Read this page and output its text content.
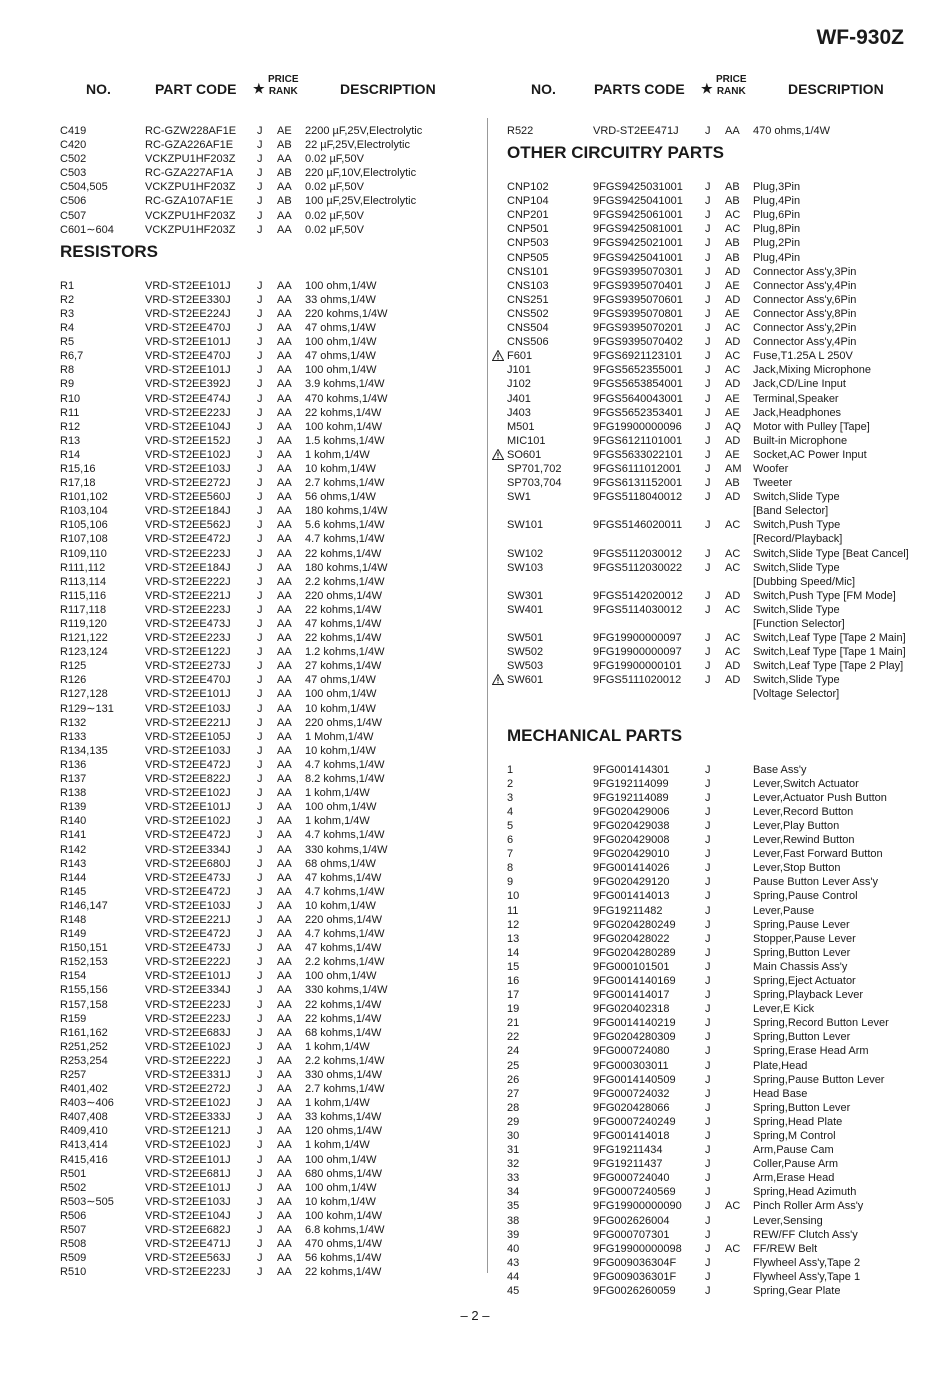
WF-930Z
NO.	PART CODE ★
PRICE
RANK	DESCRIPTION
C419	RC-GZW228AF1E J AE 2200 µF,25V,Electrolytic
C420	RC-GZA226AF1E J AB 22 µF,25V,Electrolytic
C502	VCKZPU1HF203Z J AA 0.02 µF,50V
C503	RC-GZA227AF1A J AB 220 µF,10V,Electrolytic
C504,505	VCKZPU1HF203Z J AA 0.02 µF,50V
C506	RC-GZA107AF1E J AB 100 µF,25V,Electrolytic
C507	VCKZPU1HF203Z J AA 0.02 µF,50V
C601∼604	VCKZPU1HF203Z J AA 0.02 µF,50V
RESISTORS
R1	VRD-ST2EE101J J AA 100 ohm,1/4W
R2	VRD-ST2EE330J J AA 33 ohms,1/4W
R3	VRD-ST2EE224J J AA 220 kohms,1/4W
R4	VRD-ST2EE470J J AA 47 ohms,1/4W
R5	VRD-ST2EE101J J AA 100 ohm,1/4W
R6,7	VRD-ST2EE470J J AA 47 ohms,1/4W
R8	VRD-ST2EE101J J AA 100 ohm,1/4W
R9	VRD-ST2EE392J J AA 3.9 kohms,1/4W
R10	VRD-ST2EE474J J AA 470 kohms,1/4W
R11	VRD-ST2EE223J J AA 22 kohms,1/4W
R12	VRD-ST2EE104J J AA 100 kohm,1/4W
R13	VRD-ST2EE152J J AA 1.5 kohms,1/4W
R14	VRD-ST2EE102J J AA 1 kohm,1/4W
R15,16	VRD-ST2EE103J J AA 10 kohm,1/4W
R17,18	VRD-ST2EE272J J AA 2.7 kohms,1/4W
R101,102	VRD-ST2EE560J J AA 56 ohms,1/4W
R103,104	VRD-ST2EE184J J AA 180 kohms,1/4W
R105,106	VRD-ST2EE562J J AA 5.6 kohms,1/4W
R107,108	VRD-ST2EE472J J AA 4.7 kohms,1/4W
R109,110	VRD-ST2EE223J J AA 22 kohms,1/4W
R111,112	VRD-ST2EE184J J AA 180 kohms,1/4W
R113,114	VRD-ST2EE222J J AA 2.2 kohms,1/4W
R115,116	VRD-ST2EE221J J AA 220 ohms,1/4W
R117,118	VRD-ST2EE223J J AA 22 kohms,1/4W
R119,120	VRD-ST2EE473J J AA 47 kohms,1/4W
R121,122	VRD-ST2EE223J J AA 22 kohms,1/4W
R123,124	VRD-ST2EE122J J AA 1.2 kohms,1/4W
R125	VRD-ST2EE273J J AA 27 kohms,1/4W
R126	VRD-ST2EE470J J AA 47 ohms,1/4W
R127,128	VRD-ST2EE101J J AA 100 ohm,1/4W
R129∼131	VRD-ST2EE103J J AA 10 kohm,1/4W
R132	VRD-ST2EE221J J AA 220 ohms,1/4W
R133	VRD-ST2EE105J J AA 1 Mohm,1/4W
R134,135	VRD-ST2EE103J J AA 10 kohm,1/4W
R136	VRD-ST2EE472J J AA 4.7 kohms,1/4W
R137	VRD-ST2EE822J J AA 8.2 kohms,1/4W
R138	VRD-ST2EE102J J AA 1 kohm,1/4W
R139	VRD-ST2EE101J J AA 100 ohm,1/4W
R140	VRD-ST2EE102J J AA 1 kohm,1/4W
R141	VRD-ST2EE472J J AA 4.7 kohms,1/4W
R142	VRD-ST2EE334J J AA 330 kohms,1/4W
R143	VRD-ST2EE680J J AA 68 ohms,1/4W
R144	VRD-ST2EE473J J AA 47 kohms,1/4W
R145	VRD-ST2EE472J J AA 4.7 kohms,1/4W
R146,147	VRD-ST2EE103J J AA 10 kohm,1/4W
R148	VRD-ST2EE221J J AA 220 ohms,1/4W
R149	VRD-ST2EE472J J AA 4.7 kohms,1/4W
R150,151	VRD-ST2EE473J J AA 47 kohms,1/4W
R152,153	VRD-ST2EE222J J AA 2.2 kohms,1/4W
R154	VRD-ST2EE101J J AA 100 ohm,1/4W
R155,156	VRD-ST2EE334J J AA 330 kohms,1/4W
R157,158	VRD-ST2EE223J J AA 22 kohms,1/4W
R159	VRD-ST2EE223J J AA 22 kohms,1/4W
R161,162	VRD-ST2EE683J J AA 68 kohms,1/4W
R251,252	VRD-ST2EE102J J AA 1 kohm,1/4W
R253,254	VRD-ST2EE222J J AA 2.2 kohms,1/4W
R257	VRD-ST2EE331J J AA 330 ohms,1/4W
R401,402	VRD-ST2EE272J J AA 2.7 kohms,1/4W
R403∼406	VRD-ST2EE102J J AA 1 kohm,1/4W
R407,408	VRD-ST2EE333J J AA 33 kohms,1/4W
R409,410	VRD-ST2EE121J J AA 120 ohms,1/4W
R413,414	VRD-ST2EE102J J AA 1 kohm,1/4W
R415,416	VRD-ST2EE101J J AA 100 ohm,1/4W
R501	VRD-ST2EE681J J AA 680 ohms,1/4W
R502	VRD-ST2EE101J J AA 100 ohm,1/4W
R503∼505	VRD-ST2EE103J J AA 10 kohm,1/4W
R506	VRD-ST2EE104J J AA 100 kohm,1/4W
R507	VRD-ST2EE682J J AA 6.8 kohms,1/4W
R508	VRD-ST2EE471J J AA 470 ohms,1/4W
R509	VRD-ST2EE563J J AA 56 kohms,1/4W
R510	VRD-ST2EE223J J AA 22 kohms,1/4W
NO.	PARTS CODE ★
PRICE
RANK	DESCRIPTION
R522	VRD-ST2EE471J J AA 470 ohms,1/4W
OTHER CIRCUITRY PARTS
CNP102	9FGS9425031001 J AB Plug,3Pin
CNP104	9FGS9425041001 J AB Plug,4Pin
CNP201	9FGS9425061001 J AC Plug,6Pin
CNP501	9FGS9425081001 J AC Plug,8Pin
CNP503	9FGS9425021001 J AB Plug,2Pin
CNP505	9FGS9425041001 J AB Plug,4Pin
CNS101	9FGS9395070301 J AD Connector Ass'y,3Pin
CNS103	9FGS9395070401 J AE Connector Ass'y,4Pin
CNS251	9FGS9395070601 J AD Connector Ass'y,6Pin
CNS502	9FGS9395070801 J AE Connector Ass'y,8Pin
CNS504	9FGS9395070201 J AC Connector Ass'y,2Pin
CNS506	9FGS9395070402 J AD Connector Ass'y,4Pin
F601	9FGS6921123101 J AC Fuse,T1.25A L 250V
J101	9FGS5652355001 J AC Jack,Mixing Microphone
J102	9FGS5653854001 J AD Jack,CD/Line Input
J401	9FGS5640043001 J AE Terminal,Speaker
J403	9FGS5652353401 J AE Jack,Headphones
M501	9FG19900000096 J AQ Motor with Pulley [Tape]
MIC101	9FGS6121101001 J AD Built-in Microphone
SO601	9FGS5633022101 J AE Socket,AC Power Input
SP701,702	9FGS6111012001 J AM Woofer
SP703,704	9FGS6131152001 J AB Tweeter
SW1	9FGS5118040012 J AD Switch,Slide Type
[Band Selector]
SW101	9FGS5146020011 J AC Switch,Push Type
[Record/Playback]
SW102	9FGS5112030012 J AC Switch,Slide Type [Beat Cancel]
SW103	9FGS5112030022 J AC Switch,Slide Type
[Dubbing Speed/Mic]
SW301	9FGS5142020012 J AD Switch,Push Type [FM Mode]
SW401	9FGS5114030012 J AC Switch,Slide Type
[Function Selector]
SW501	9FG19900000097 J AC Switch,Leaf Type [Tape 2 Main]
SW502	9FG19900000097 J AC Switch,Leaf Type [Tape 1 Main]
SW503	9FG19900000101 J AD Switch,Leaf Type [Tape 2 Play]
SW601	9FGS5111020012 J AD Switch,Slide Type
[Voltage Selector]
MECHANICAL PARTS
1	9FG001414301	J	Base Ass'y
2	9FG192114099	J	Lever,Switch Actuator
3	9FG192114089	J	Lever,Actuator Push Button
4	9FG020429006	J	Lever,Record Button
5	9FG020429038	J	Lever,Play Button
6	9FG020429008	J	Lever,Rewind Button
7	9FG020429010	J	Lever,Fast Forward Button
8	9FG001414026	J	Lever,Stop Button
9	9FG020429120	J	Pause Button Lever Ass'y
10	9FG001414013	J	Spring,Pause Control
11	9FG19211482	J	Lever,Pause
12	9FG0204280249	J	Spring,Pause Lever
13	9FG020428022	J	Stopper,Pause Lever
14	9FG0204280289	J	Spring,Button Lever
15	9FG000101501	J	Main Chassis Ass'y
16	9FG0014140169	J	Spring,Eject Actuator
17	9FG001414017	J	Spring,Playback Lever
19	9FG020402318	J	Lever,E Kick
21	9FG0014140219	J	Spring,Record Button Lever
22	9FG0204280309	J	Spring,Button Lever
24	9FG000724080	J	Spring,Erase Head Arm
25	9FG000303011	J	Plate,Head
26	9FG0014140509	J	Spring,Pause Button Lever
27	9FG000724032	J	Head Base
28	9FG020428066	J	Spring,Button Lever
29	9FG0007240249	J	Spring,Head Plate
30	9FG001414018	J	Spring,M Control
31	9FG19211434	J	Arm,Pause Cam
32	9FG19211437	J	Coller,Pause Arm
33	9FG000724040	J	Arm,Erase Head
34	9FG0007240569	J	Spring,Head Azimuth
35	9FG19900000090 J AC Pinch Roller Arm Ass'y
38	9FG002626004	J	Lever,Sensing
39	9FG000707301	J	REW/FF Clutch Ass'y
40	9FG19900000098 J AC FF/REW Belt
43	9FG009036304F	J	Flywheel Ass'y,Tape 2
44	9FG009036301F	J	Flywheel Ass'y,Tape 1
45	9FG0026260059	J	Spring,Gear Plate
– 2 –
